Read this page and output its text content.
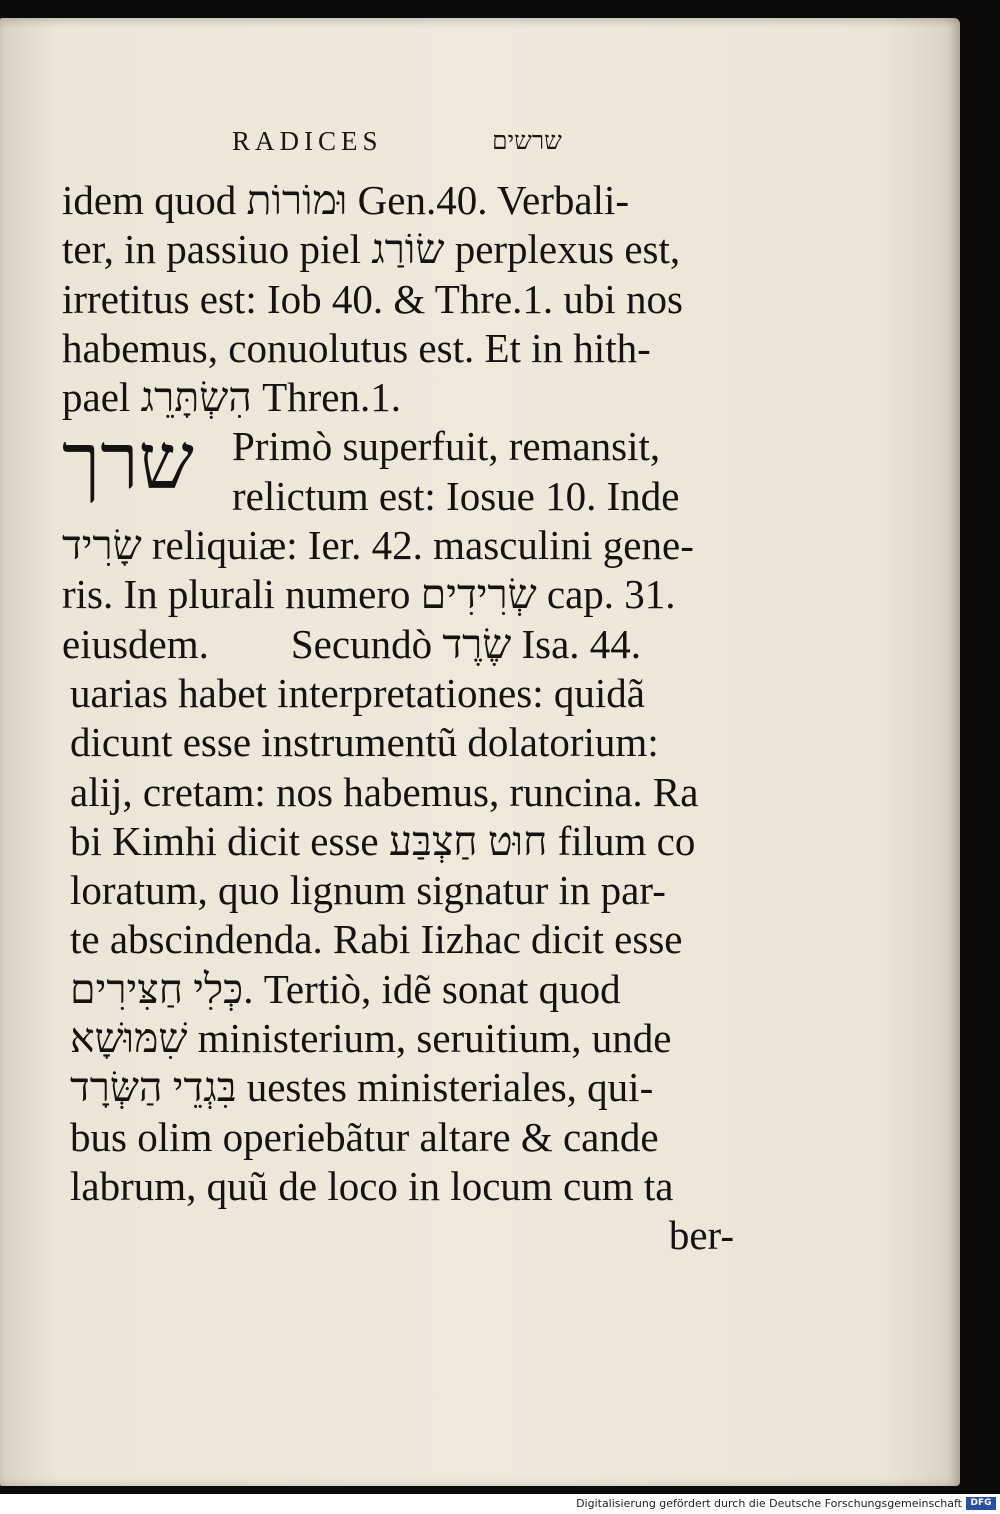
RADICES	שרשים
שרך
idem quod וּמוֹרוֹת Gen.40. Verbali-
ter, in passiuo piel שׂוֹרַג perplexus est,
irretitus est: Iob 40. & Thre.1. ubi nos
habemus, conuolutus est. Et in hith-
pael הִשְׂתָּרֵג Thren.1.
Primò superfuit, remansit,
relictum est: Iosue 10. Inde
שָׂרִיד reliquiæ: Ier. 42. masculini gene-
ris. In plurali numero שְׂרִידִים cap. 31.
eiusdem.        Secundò שֶׂרֶד Isa. 44.
uarias habet interpretationes: quidã
dicunt esse instrumentũ dolatorium:
alij, cretam: nos habemus, runcina. Ra
bi Kimhi dicit esse חוּט חַצְבַּע filum co
loratum, quo lignum signatur in par-
te abscindenda. Rabi Iizhac dicit esse
כְּלִי חַצִּירִים. Tertiò, idẽ sonat quod
שִׁמּוּשָׁא ministerium, seruitium, unde
בִּגְדֵי הַשְּׂרָד uestes ministeriales, qui-
bus olim operiebãtur altare & cande
labrum, quũ de loco in locum cum ta
ber-
Digitalisierung gefördert durch die Deutsche Forschungsgemeinschaft DFG
